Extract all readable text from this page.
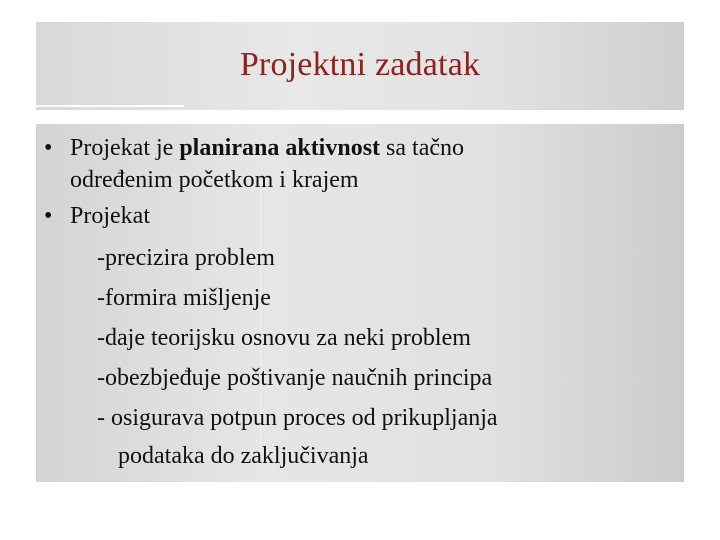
Projektni zadatak
• Projekat je planirana aktivnost sa tačno
određenim početkom i krajem
• Projekat
-precizira problem
-formira mišljenje
-daje teorijsku osnovu za neki problem
-obezbjeđuje poštivanje naučnih principa
- osigurava potpun proces od prikupljanja
podataka do zaključivanja
